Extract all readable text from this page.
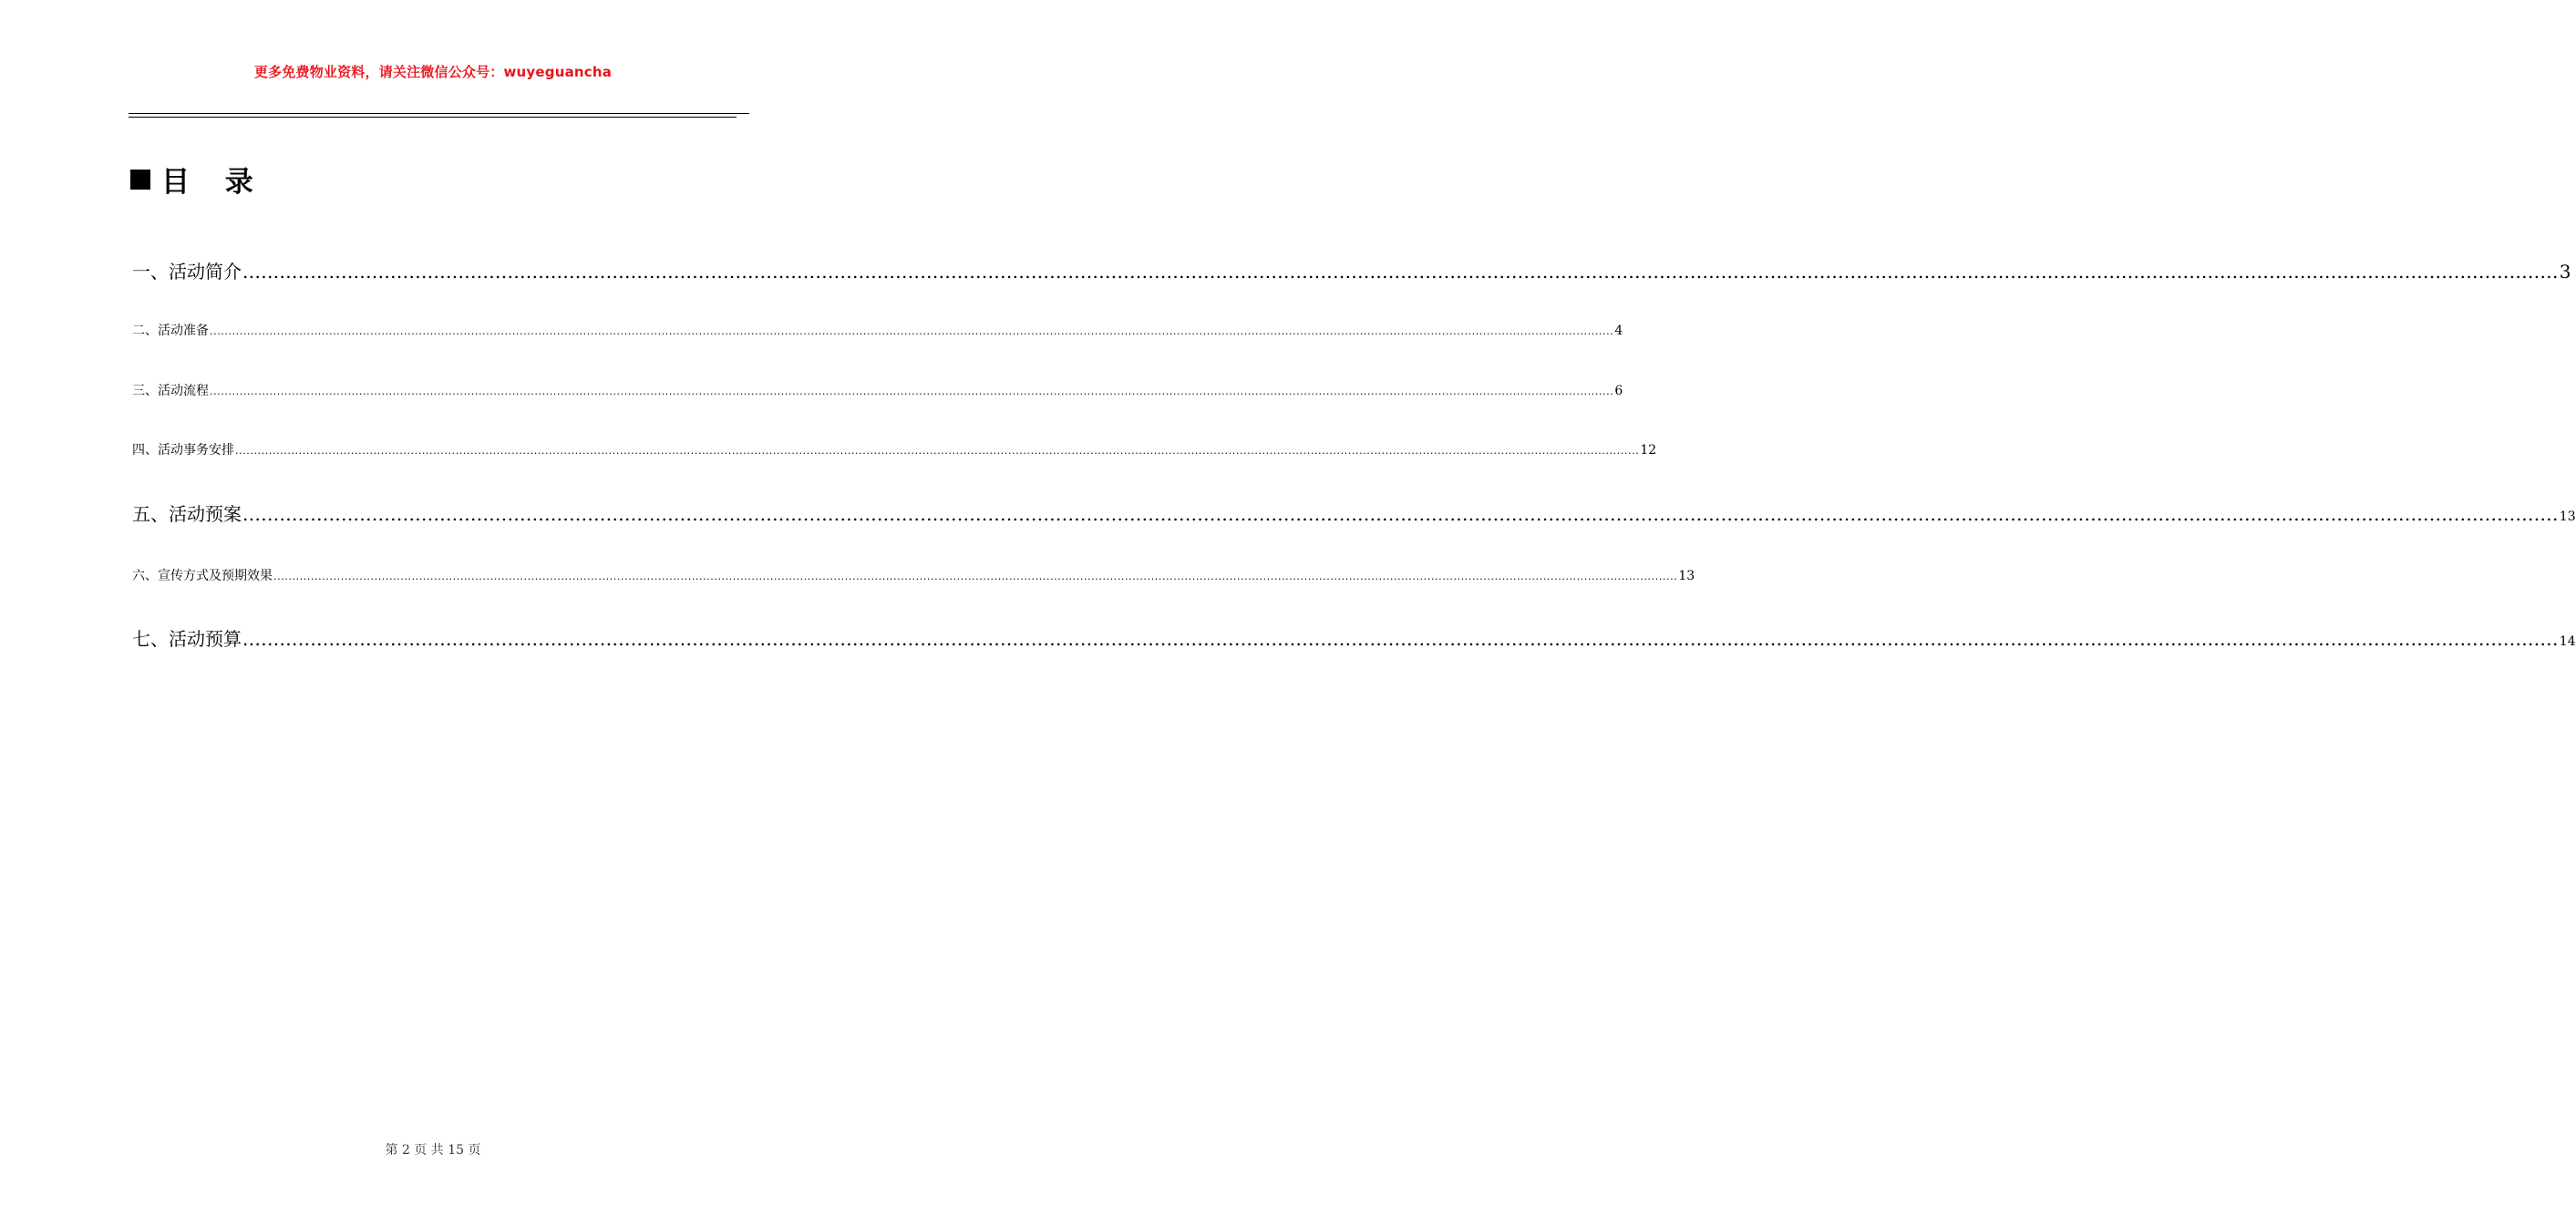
更多免费物业资料，请关注微信公众号：wuyeguancha
目 录
一、活动简介 .....	3
二、活动准备 .....	4
三、活动流程 .....	6
四、活动事务安排 .....	12
五、活动预案 .....	13
六、宣传方式及预期效果 .....	13
七、活动预算 .....	14
第 2 页 共 15 页
